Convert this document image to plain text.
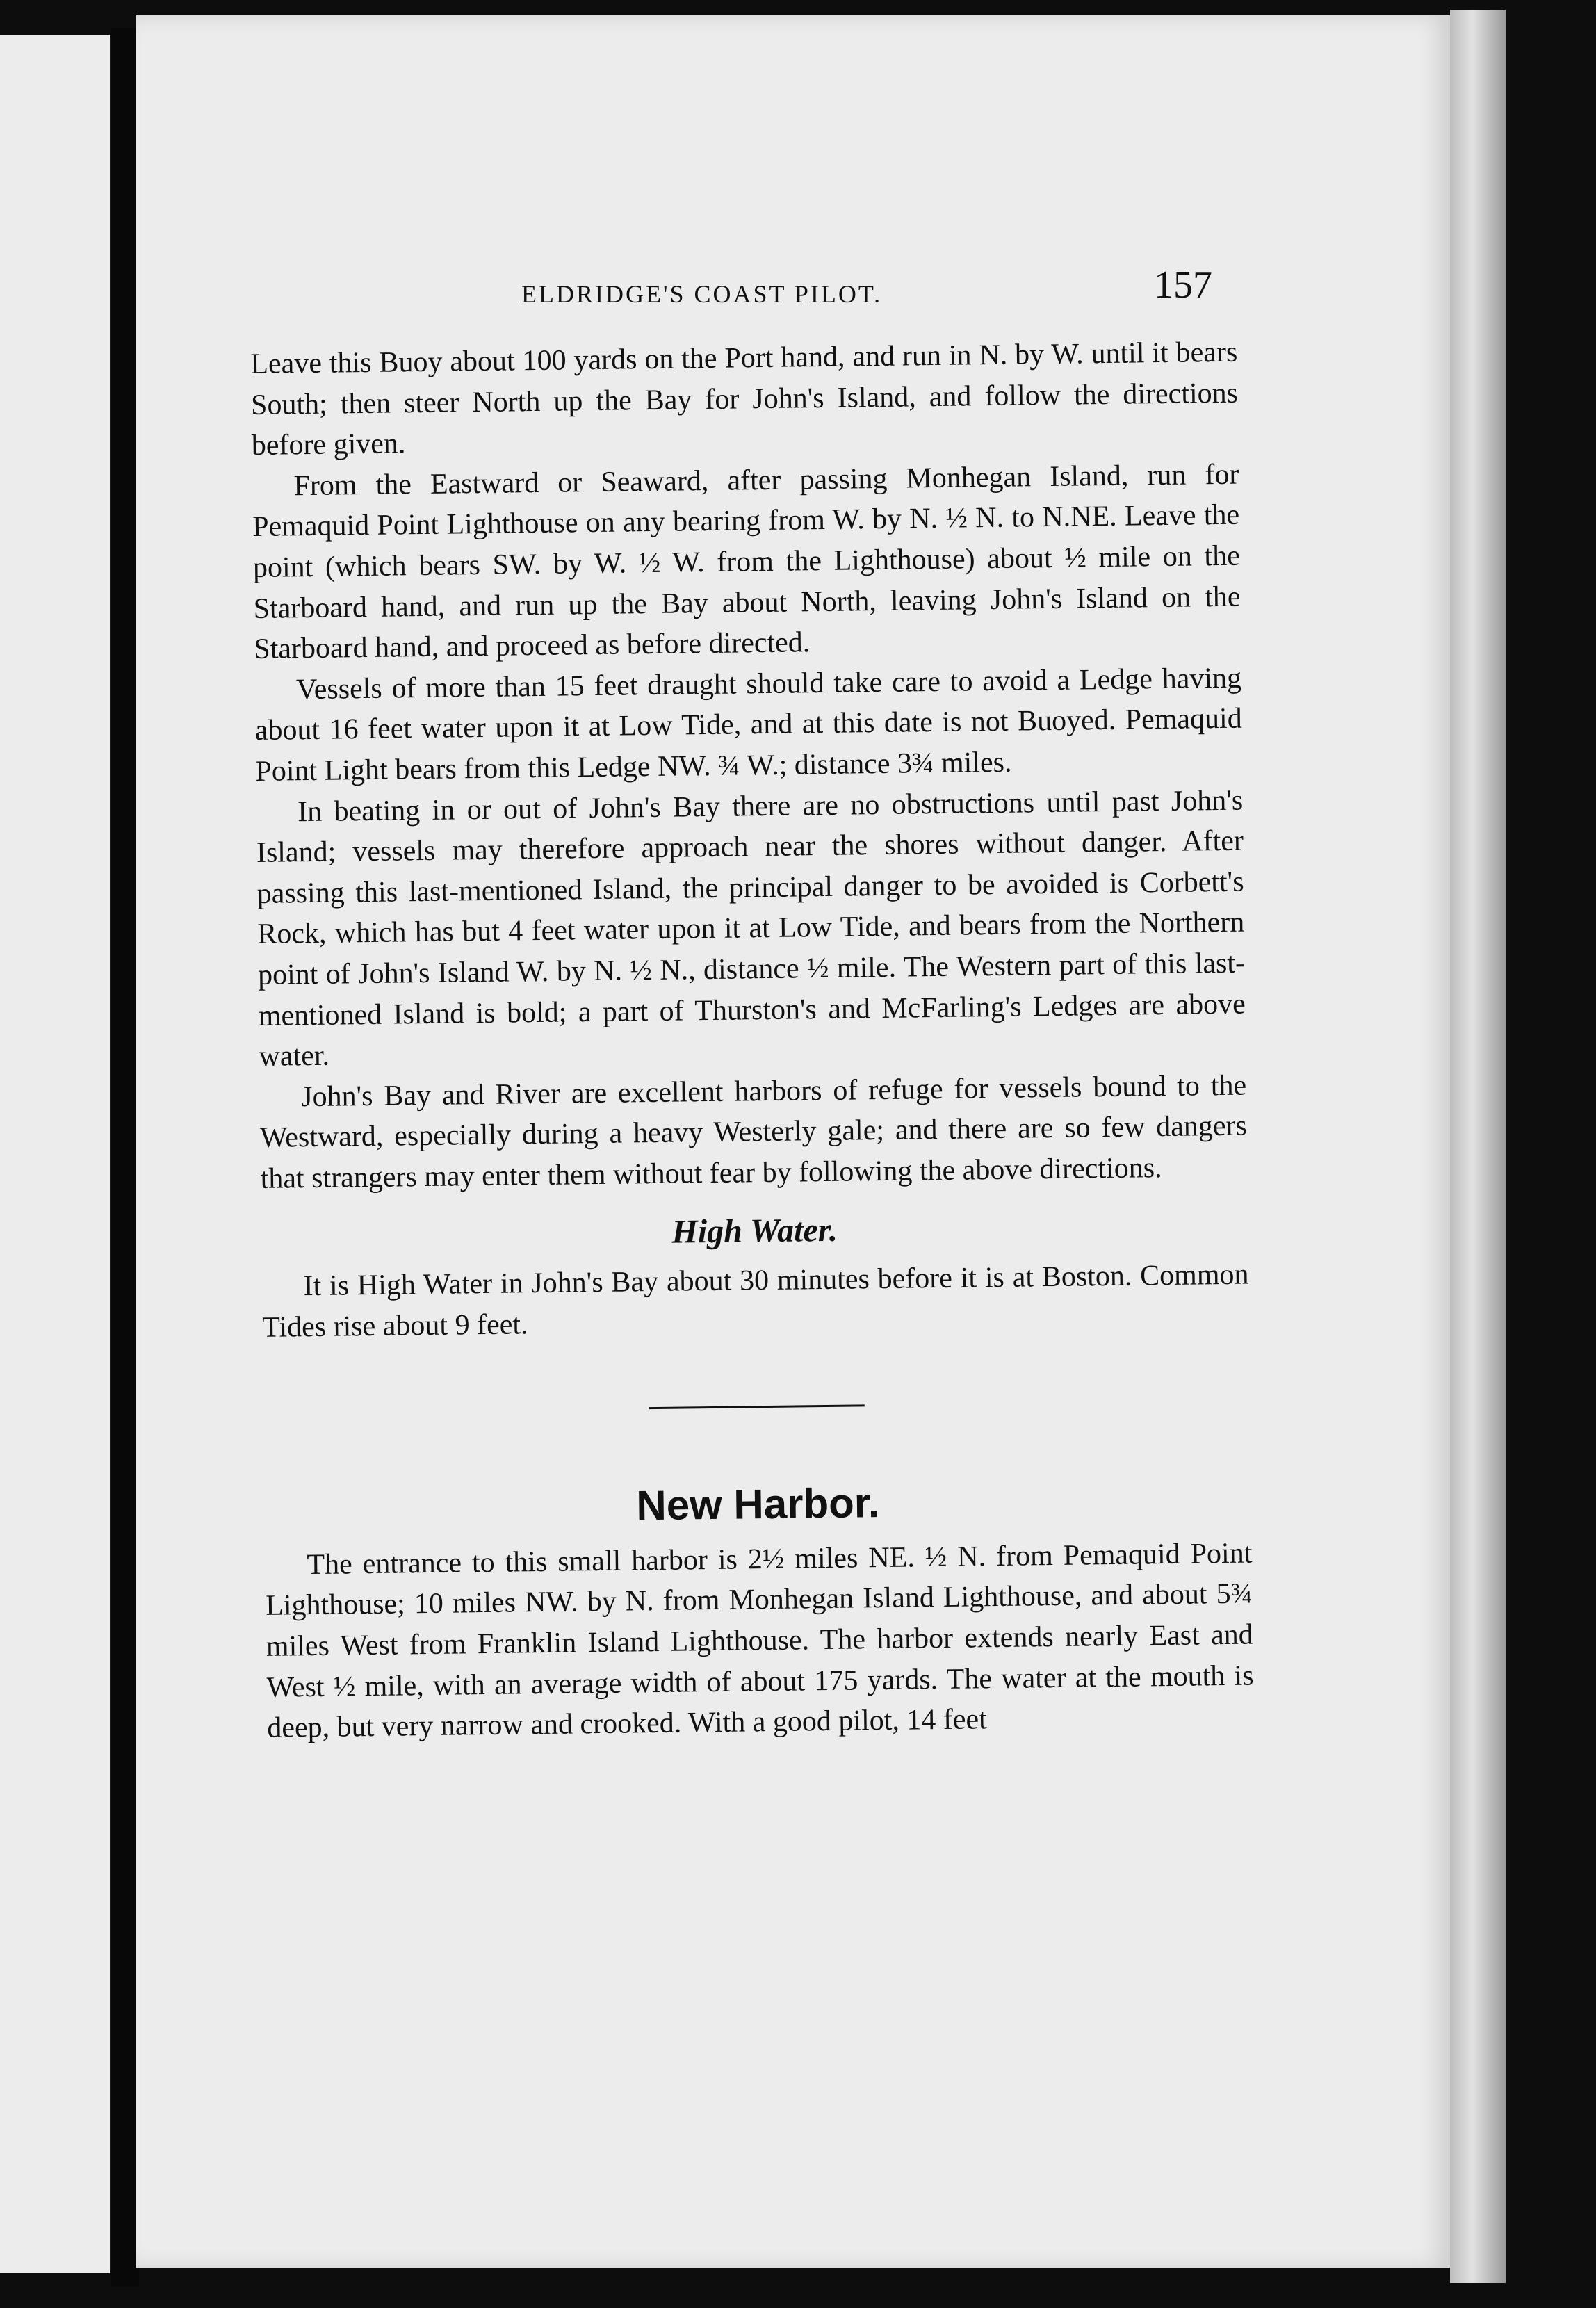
ELDRIDGE'S COAST PILOT.	157

Leave this Buoy about 100 yards on the Port hand, and run in N. by W. until it bears South; then steer North up the Bay for John's Island, and follow the directions before given.

From the Eastward or Seaward, after passing Monhegan Island, run for Pemaquid Point Lighthouse on any bearing from W. by N. ½ N. to N.NE. Leave the point (which bears SW. by W. ½ W. from the Lighthouse) about ½ mile on the Starboard hand, and run up the Bay about North, leaving John's Island on the Starboard hand, and proceed as before directed.

Vessels of more than 15 feet draught should take care to avoid a Ledge having about 16 feet water upon it at Low Tide, and at this date is not Buoyed. Pemaquid Point Light bears from this Ledge NW. ¾ W.; distance 3¾ miles.

In beating in or out of John's Bay there are no obstructions until past John's Island; vessels may therefore approach near the shores without danger. After passing this last-mentioned Island, the principal danger to be avoided is Corbett's Rock, which has but 4 feet water upon it at Low Tide, and bears from the Northern point of John's Island W. by N. ½ N., distance ½ mile. The Western part of this last-mentioned Island is bold; a part of Thurston's and McFarling's Ledges are above water.

John's Bay and River are excellent harbors of refuge for vessels bound to the Westward, especially during a heavy Westerly gale; and there are so few dangers that strangers may enter them without fear by following the above directions.

High Water.

It is High Water in John's Bay about 30 minutes before it is at Boston. Common Tides rise about 9 feet.

New Harbor.

The entrance to this small harbor is 2½ miles NE. ½ N. from Pemaquid Point Lighthouse; 10 miles NW. by N. from Monhegan Island Lighthouse, and about 5¾ miles West from Franklin Island Lighthouse. The harbor extends nearly East and West ½ mile, with an average width of about 175 yards. The water at the mouth is deep, but very narrow and crooked. With a good pilot, 14 feet
